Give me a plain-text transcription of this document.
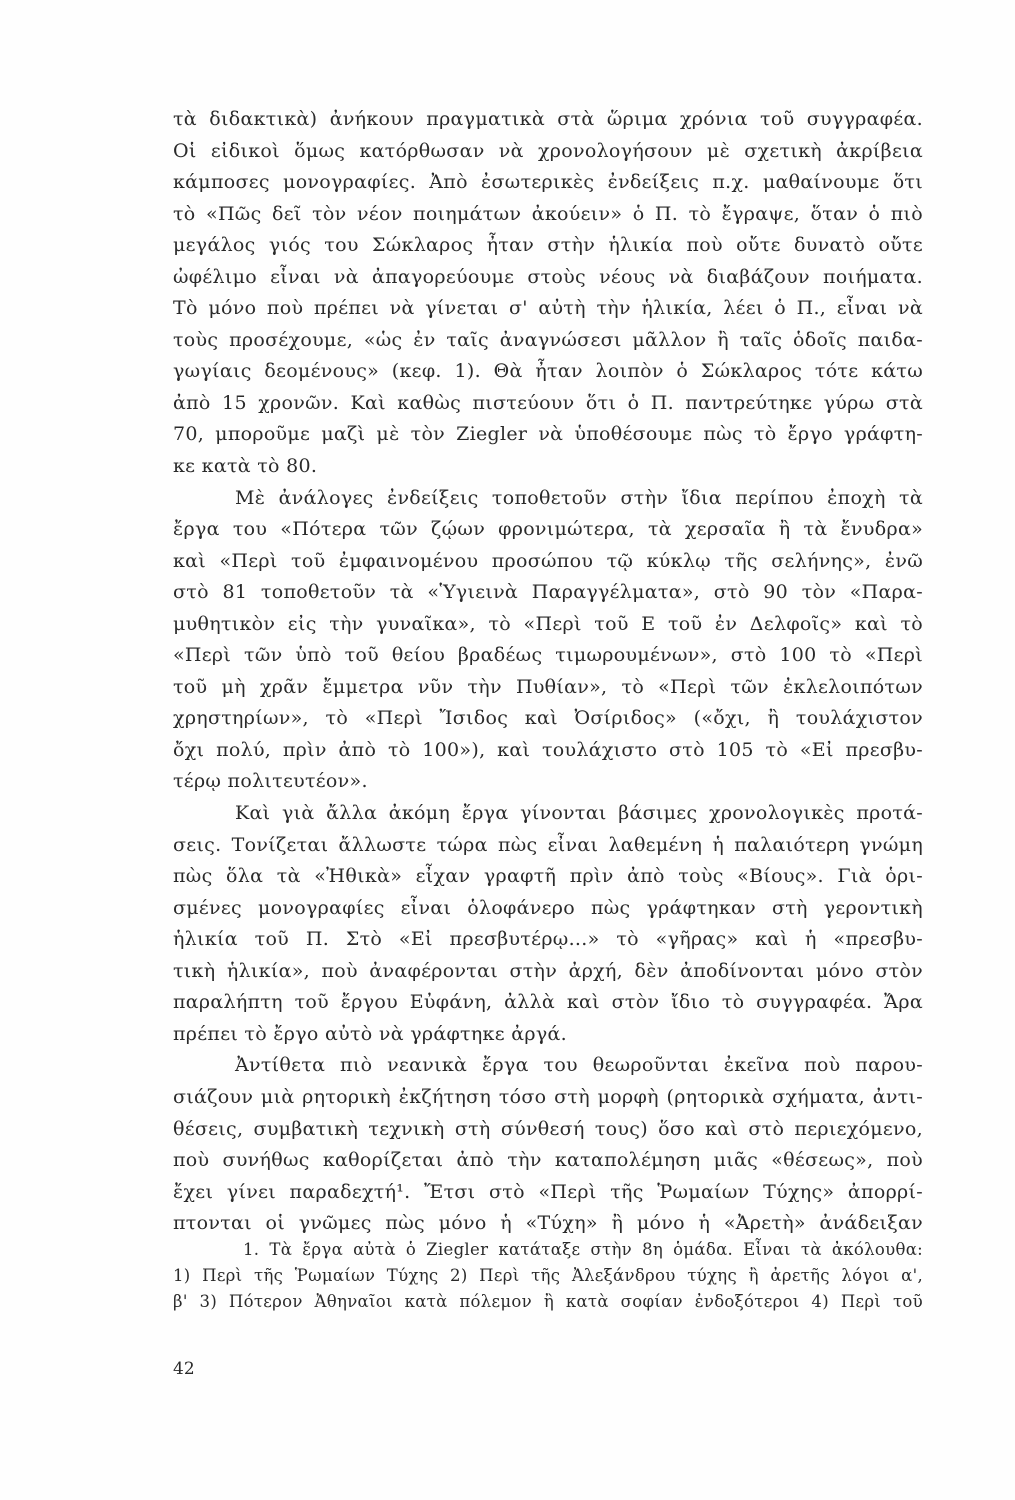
τὰ διδακτικὰ) ἀνήκουν πραγματικὰ στὰ ὥριμα χρόνια τοῦ συγγραφέα.
Οἱ εἰδικοὶ ὅμως κατόρθωσαν νὰ χρονολογήσουν μὲ σχετικὴ ἀκρίβεια
κάμποσες μονογραφίες. Ἀπὸ ἐσωτερικὲς ἐνδείξεις π.χ. μαθαίνουμε ὅτι
τὸ «Πῶς δεῖ τὸν νέον ποιημάτων ἀκούειν» ὁ Π. τὸ ἔγραψε, ὅταν ὁ πιὸ
μεγάλος γιός του Σώκλαρος ἦταν στὴν ἡλικία ποὺ οὔτε δυνατὸ οὔτε
ὠφέλιμο εἶναι νὰ ἀπαγορεύουμε στοὺς νέους νὰ διαβάζουν ποιήματα.
Τὸ μόνο ποὺ πρέπει νὰ γίνεται σ' αὐτὴ τὴν ἡλικία, λέει ὁ Π., εἶναι νὰ
τοὺς προσέχουμε, «ὡς ἐν ταῖς ἀναγνώσεσι μᾶλλον ἢ ταῖς ὁδοῖς παιδα-
γωγίαις δεομένους» (κεφ. 1). Θὰ ἦταν λοιπὸν ὁ Σώκλαρος τότε κάτω
ἀπὸ 15 χρονῶν. Καὶ καθὼς πιστεύουν ὅτι ὁ Π. παντρεύτηκε γύρω στὰ
70, μποροῦμε μαζὶ μὲ τὸν Ziegler νὰ ὑποθέσουμε πὼς τὸ ἔργο γράφτη-
κε κατὰ τὸ 80.
Μὲ ἀνάλογες ἐνδείξεις τοποθετοῦν στὴν ἴδια περίπου ἐποχὴ τὰ
ἔργα του «Πότερα τῶν ζῴων φρονιμώτερα, τὰ χερσαῖα ἢ τὰ ἔνυδρα»
καὶ «Περὶ τοῦ ἐμφαινομένου προσώπου τῷ κύκλῳ τῆς σελήνης», ἐνῶ
στὸ 81 τοποθετοῦν τὰ «Ὑγιεινὰ Παραγγέλματα», στὸ 90 τὸν «Παρα-
μυθητικὸν εἰς τὴν γυναῖκα», τὸ «Περὶ τοῦ Ε τοῦ ἐν Δελφοῖς» καὶ τὸ
«Περὶ τῶν ὑπὸ τοῦ θείου βραδέως τιμωρουμένων», στὸ 100 τὸ «Περὶ
τοῦ μὴ χρᾶν ἔμμετρα νῦν τὴν Πυθίαν», τὸ «Περὶ τῶν ἐκλελοιπότων
χρηστηρίων», τὸ «Περὶ Ἴσιδος καὶ Ὀσίριδος» («ὄχι, ἢ τουλάχιστον
ὄχι πολύ, πρὶν ἀπὸ τὸ 100»), καὶ τουλάχιστο στὸ 105 τὸ «Εἰ πρεσβυ-
τέρῳ πολιτευτέον».
Καὶ γιὰ ἄλλα ἀκόμη ἔργα γίνονται βάσιμες χρονολογικὲς προτά-
σεις. Τονίζεται ἄλλωστε τώρα πὼς εἶναι λαθεμένη ἡ παλαιότερη γνώμη
πὼς ὅλα τὰ «Ἠθικὰ» εἶχαν γραφτῆ πρὶν ἀπὸ τοὺς «Βίους». Γιὰ ὁρι-
σμένες μονογραφίες εἶναι ὁλοφάνερο πὼς γράφτηκαν στὴ γεροντικὴ
ἡλικία τοῦ Π. Στὸ «Εἰ πρεσβυτέρῳ...» τὸ «γῆρας» καὶ ἡ «πρεσβυ-
τικὴ ἡλικία», ποὺ ἀναφέρονται στὴν ἀρχή, δὲν ἀποδίνονται μόνο στὸν
παραλήπτη τοῦ ἔργου Εὐφάνη, ἀλλὰ καὶ στὸν ἴδιο τὸ συγγραφέα. Ἄρα
πρέπει τὸ ἔργο αὐτὸ νὰ γράφτηκε ἀργά.
Ἀντίθετα πιὸ νεανικὰ ἔργα του θεωροῦνται ἐκεῖνα ποὺ παρου-
σιάζουν μιὰ ρητορικὴ ἐκζήτηση τόσο στὴ μορφὴ (ρητορικὰ σχήματα, ἀντι-
θέσεις, συμβατικὴ τεχνικὴ στὴ σύνθεσή τους) ὅσο καὶ στὸ περιεχόμενο,
ποὺ συνήθως καθορίζεται ἀπὸ τὴν καταπολέμηση μιᾶς «θέσεως», ποὺ
ἔχει γίνει παραδεχτή¹. Ἔτσι στὸ «Περὶ τῆς Ῥωμαίων Τύχης» ἀπορρί-
πτονται οἱ γνῶμες πὼς μόνο ἡ «Τύχη» ἢ μόνο ἡ «Ἀρετὴ» ἀνάδειξαν
1. Τὰ ἔργα αὐτὰ ὁ Ziegler κατάταξε στὴν 8η ὁμάδα. Εἶναι τὰ ἀκόλουθα:
1) Περὶ τῆς Ῥωμαίων Τύχης 2) Περὶ τῆς Ἀλεξάνδρου τύχης ἢ ἀρετῆς λόγοι α',
β' 3) Πότερον Ἀθηναῖοι κατὰ πόλεμον ἢ κατὰ σοφίαν ἐνδοξότεροι 4) Περὶ τοῦ
42
